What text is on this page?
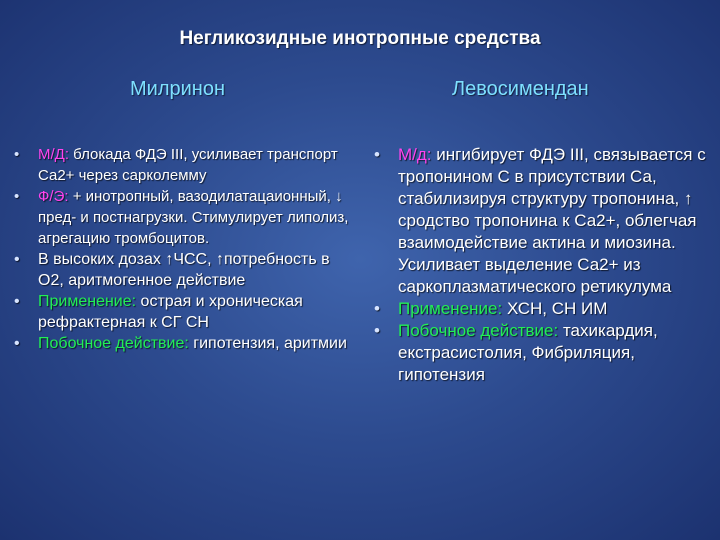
Негликозидные инотропные средства
Милринон	Левосимендан
• М/Д: блокада ФДЭ III, усиливает транспорт Са2+ через сарколемму
• Ф/Э: + инотропный, вазодилатацаионный, ↓ пред- и постнагрузки. Стимулирует липолиз, агрегацию тромбоцитов.
• В высоких дозах ↑ЧСС, ↑потребность в О2, аритмогенное действие
• Применение: острая и хроническая рефрактерная к СГ СН
• Побочное действие: гипотензия, аритмии
• М/д: ингибирует ФДЭ III, связывается с тропонином С в присутствии Са, стабилизируя структуру тропонина, ↑ сродство тропонина к Са2+, облегчая взаимодействие актина и миозина. Усиливает выделение Са2+ из саркоплазматического ретикулума
• Применение: ХСН, СН ИМ
• Побочное действие: тахикардия, екстрасистолия, Фибриляция, гипотензия
